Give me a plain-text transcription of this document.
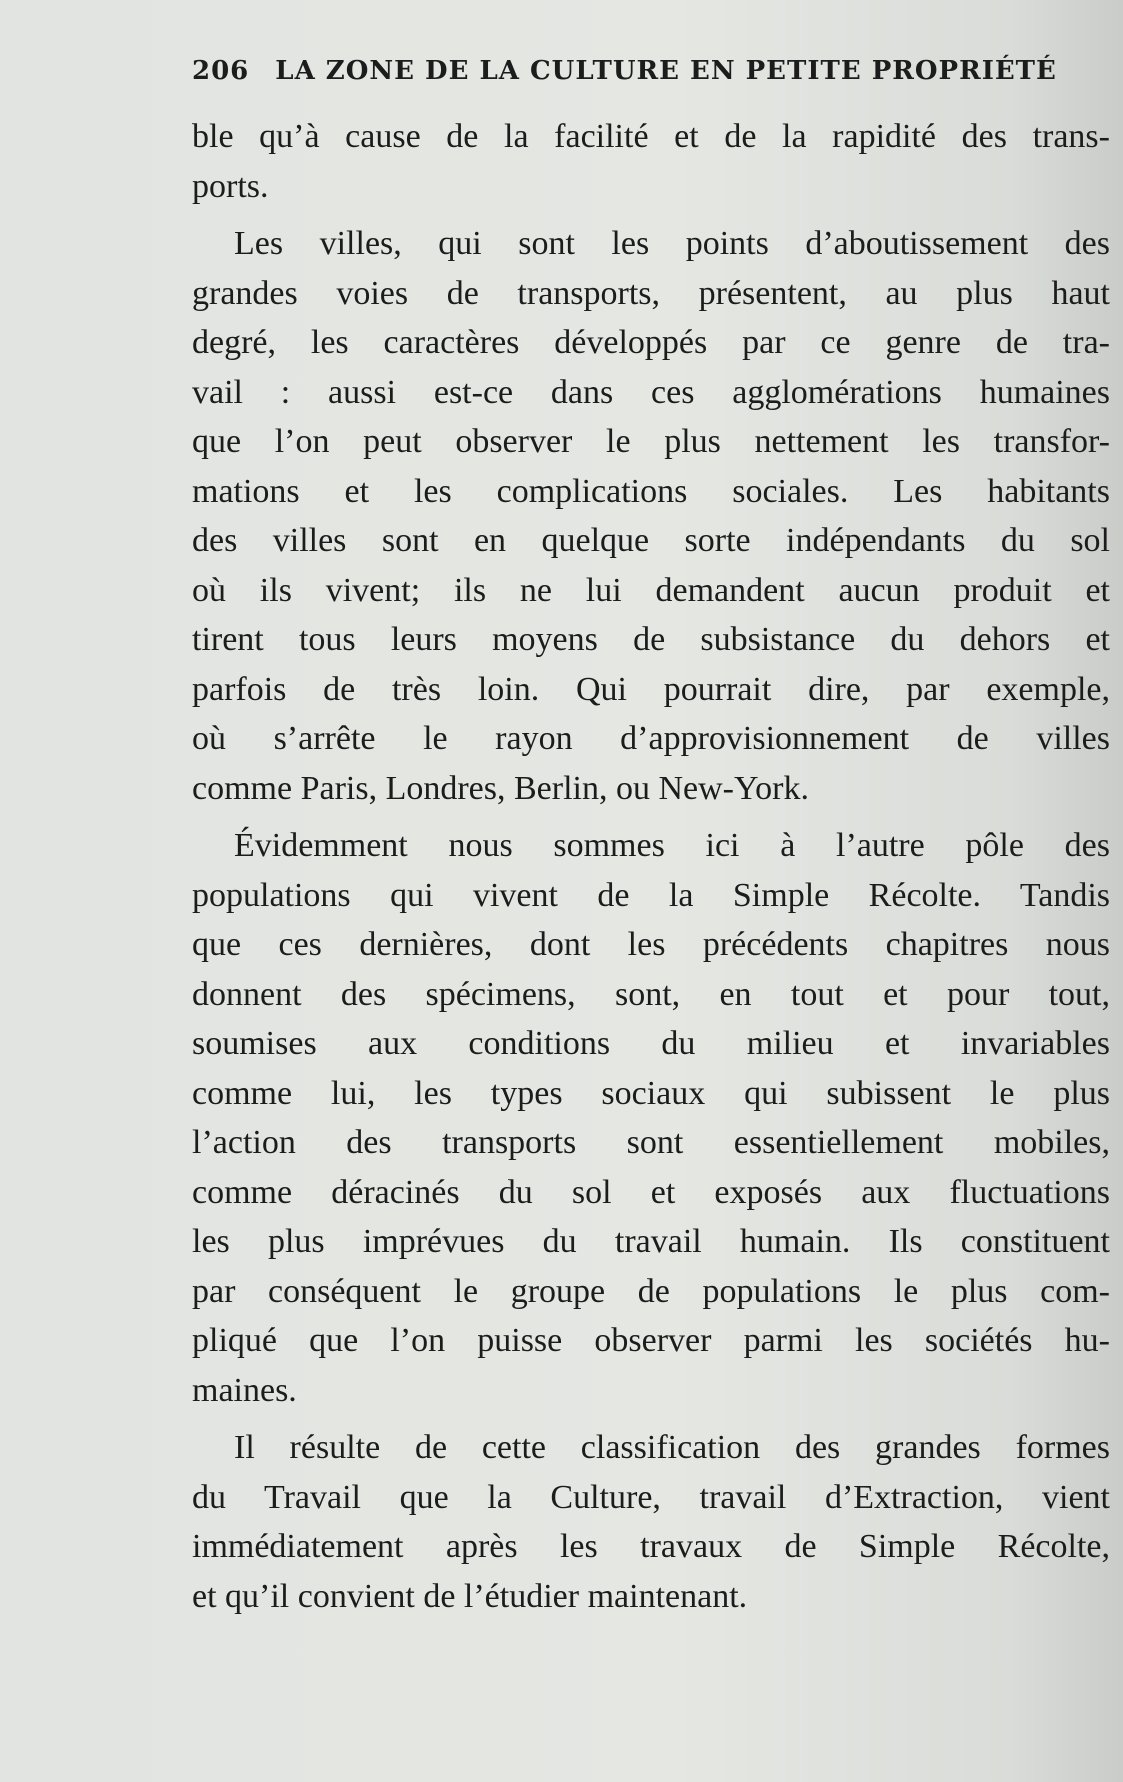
206 LA ZONE DE LA CULTURE EN PETITE PROPRIÉTÉ
ble qu’à cause de la facilité et de la rapidité des trans-
ports.
Les villes, qui sont les points d’aboutissement des
grandes voies de transports, présentent, au plus haut
degré, les caractères développés par ce genre de tra-
vail : aussi est-ce dans ces agglomérations humaines
que l’on peut observer le plus nettement les transfor-
mations et les complications sociales. Les habitants
des villes sont en quelque sorte indépendants du sol
où ils vivent; ils ne lui demandent aucun produit et
tirent tous leurs moyens de subsistance du dehors et
parfois de très loin. Qui pourrait dire, par exemple,
où s’arrête le rayon d’approvisionnement de villes
comme Paris, Londres, Berlin, ou New-York.
Évidemment nous sommes ici à l’autre pôle des
populations qui vivent de la Simple Récolte. Tandis
que ces dernières, dont les précédents chapitres nous
donnent des spécimens, sont, en tout et pour tout,
soumises aux conditions du milieu et invariables
comme lui, les types sociaux qui subissent le plus
l’action des transports sont essentiellement mobiles,
comme déracinés du sol et exposés aux fluctuations
les plus imprévues du travail humain. Ils constituent
par conséquent le groupe de populations le plus com-
pliqué que l’on puisse observer parmi les sociétés hu-
maines.
Il résulte de cette classification des grandes formes
du Travail que la Culture, travail d’Extraction, vient
immédiatement après les travaux de Simple Récolte,
et qu’il convient de l’étudier maintenant.
